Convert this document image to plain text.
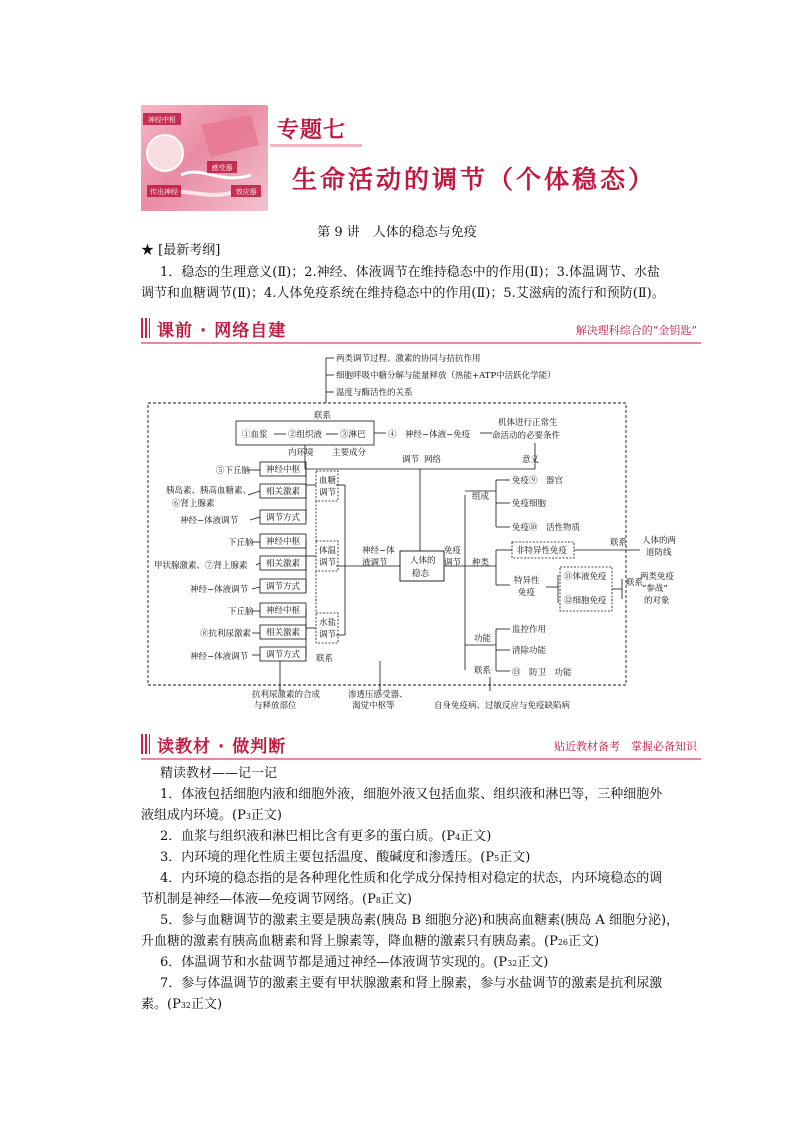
神经中枢
感受器
传出神经	效应器
专题七
生命活动的调节（个体稳态）
第 9 讲　人体的稳态与免疫
★ [最新考纲]
1．稳态的生理意义(Ⅱ)；2.神经、体液调节在维持稳态中的作用(Ⅱ)；3.体温调节、水盐
调节和血糖调节(Ⅱ)；4.人体免疫系统在维持稳态中的作用(Ⅱ)；5.艾滋病的流行和预防(Ⅱ)。
课前 · 网络自建	解决理科综合的“金钥匙”
两类调节过程、激素的协同与拮抗作用
细胞呼吸中糖分解与能量释放（热能+ATP中活跃化学能）
温度与酶活性的关系
联系
①血浆 ②组织液 ③淋巴
内环境 主要成分
④　神经−体液−免疫
机体进行正常生
命活动的必要条件
调节 网络	意义
人体的
稳态
神经−体
液调节
免疫
调节
血糖
调节
体温
调节
水盐
调节
⑤下丘脑 神经中枢
胰岛素、胰高血糖素、
⑥肾上腺素
相关激素
神经−体液调节	调节方式
下丘脑 神经中枢
甲状腺激素、⑦肾上腺素 相关激素
神经−体液调节 调节方式
下丘脑 神经中枢
⑧抗利尿激素 相关激素
神经−体液调节 调节方式 联系
组成
免疫⑨　器官
免疫细胞
免疫⑩　活性物质
种类
非特异性免疫
联系 人体的两
道防线
特异性
免疫
⑪体液免疫
⑫细胞免疫
联系
两类免疫
“参战”
的对象
功能
监控作用
清除功能
⑬　防卫　功能
联系
抗利尿激素的合成
与释放部位
渗透压感受器、
渴觉中枢等	自身免疫病、过敏反应与免疫缺陷病
读教材 · 做判断	贴近教材备考　掌握必备知识
精读教材——记一记
1．体液包括细胞内液和细胞外液，细胞外液又包括血浆、组织液和淋巴等，三种细胞外
液组成内环境。(P3正文)
2．血浆与组织液和淋巴相比含有更多的蛋白质。(P4正文)
3．内环境的理化性质主要包括温度、酸碱度和渗透压。(P5正文)
4．内环境的稳态指的是各种理化性质和化学成分保持相对稳定的状态，内环境稳态的调
节机制是神经—体液—免疫调节网络。(P8正文)
5．参与血糖调节的激素主要是胰岛素(胰岛 B 细胞分泌)和胰高血糖素(胰岛 A 细胞分泌)，
升血糖的激素有胰高血糖素和肾上腺素等，降血糖的激素只有胰岛素。(P26正文)
6．体温调节和水盐调节都是通过神经—体液调节实现的。(P32正文)
7．参与体温调节的激素主要有甲状腺激素和肾上腺素，参与水盐调节的激素是抗利尿激
素。(P32正文)
